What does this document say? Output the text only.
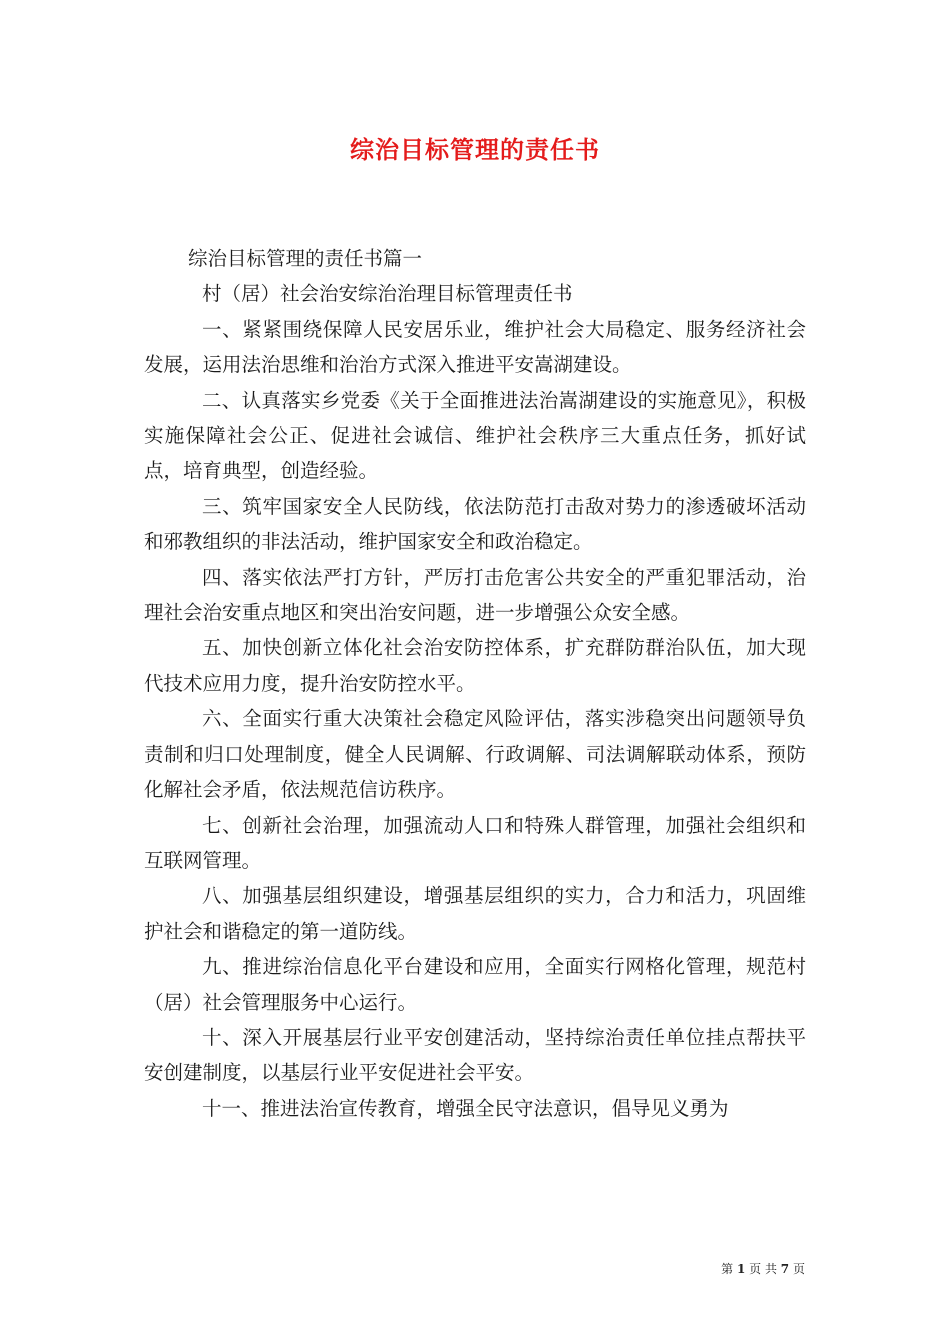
综治目标管理的责任书

综治目标管理的责任书篇一

村（居）社会治安综治治理目标管理责任书

一、紧紧围绕保障人民安居乐业，维护社会大局稳定、服务经济社会发展，运用法治思维和治治方式深入推进平安嵩湖建设。

二、认真落实乡党委《关于全面推进法治嵩湖建设的实施意见》，积极实施保障社会公正、促进社会诚信、维护社会秩序三大重点任务，抓好试点，培育典型，创造经验。

三、筑牢国家安全人民防线，依法防范打击敌对势力的渗透破坏活动和邪教组织的非法活动，维护国家安全和政治稳定。

四、落实依法严打方针，严厉打击危害公共安全的严重犯罪活动，治理社会治安重点地区和突出治安问题，进一步增强公众安全感。

五、加快创新立体化社会治安防控体系，扩充群防群治队伍，加大现代技术应用力度，提升治安防控水平。

六、全面实行重大决策社会稳定风险评估，落实涉稳突出问题领导负责制和归口处理制度，健全人民调解、行政调解、司法调解联动体系，预防化解社会矛盾，依法规范信访秩序。

七、创新社会治理，加强流动人口和特殊人群管理，加强社会组织和互联网管理。

八、加强基层组织建设，增强基层组织的实力，合力和活力，巩固维护社会和谐稳定的第一道防线。

九、推进综治信息化平台建设和应用，全面实行网格化管理，规范村（居）社会管理服务中心运行。

十、深入开展基层行业平安创建活动，坚持综治责任单位挂点帮扶平安创建制度，以基层行业平安促进社会平安。

十一、推进法治宣传教育，增强全民守法意识，倡导见义勇为

第 1 页 共 7 页
